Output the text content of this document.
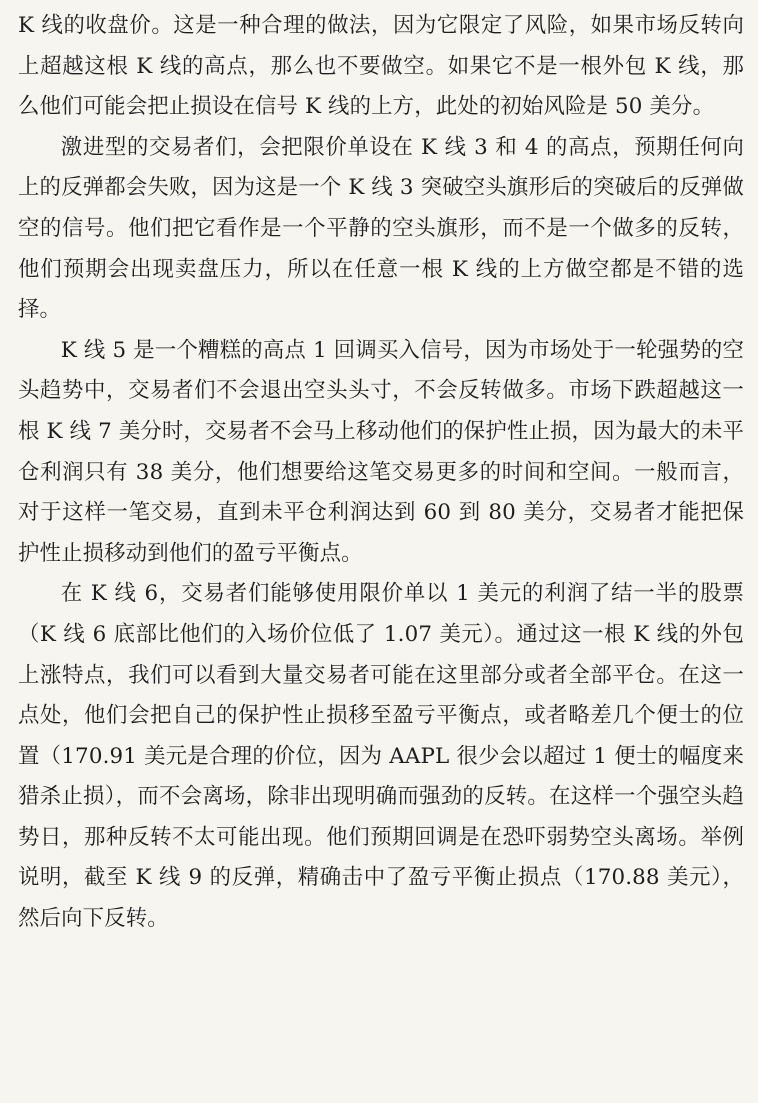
K 线的收盘价。这是一种合理的做法，因为它限定了风险，如果市场反转向上超越这根 K 线的高点，那么也不要做空。如果它不是一根外包 K 线，那么他们可能会把止损设在信号 K 线的上方，此处的初始风险是 50 美分。

激进型的交易者们，会把限价单设在 K 线 3 和 4 的高点，预期任何向上的反弹都会失败，因为这是一个 K 线 3 突破空头旗形后的突破后的反弹做空的信号。他们把它看作是一个平静的空头旗形，而不是一个做多的反转，他们预期会出现卖盘压力，所以在任意一根 K 线的上方做空都是不错的选择。

K 线 5 是一个糟糕的高点 1 回调买入信号，因为市场处于一轮强势的空头趋势中，交易者们不会退出空头头寸，不会反转做多。市场下跌超越这一根 K 线 7 美分时，交易者不会马上移动他们的保护性止损，因为最大的未平仓利润只有 38 美分，他们想要给这笔交易更多的时间和空间。一般而言，对于这样一笔交易，直到未平仓利润达到 60 到 80 美分，交易者才能把保护性止损移动到他们的盈亏平衡点。

在 K 线 6，交易者们能够使用限价单以 1 美元的利润了结一半的股票（K 线 6 底部比他们的入场价位低了 1.07 美元）。通过这一根 K 线的外包上涨特点，我们可以看到大量交易者可能在这里部分或者全部平仓。在这一点处，他们会把自己的保护性止损移至盈亏平衡点，或者略差几个便士的位置（170.91 美元是合理的价位，因为 AAPL 很少会以超过 1 便士的幅度来猎杀止损），而不会离场，除非出现明确而强劲的反转。在这样一个强空头趋势日，那种反转不太可能出现。他们预期回调是在恐吓弱势空头离场。举例说明，截至 K 线 9 的反弹，精确击中了盈亏平衡止损点（170.88 美元），然后向下反转。
